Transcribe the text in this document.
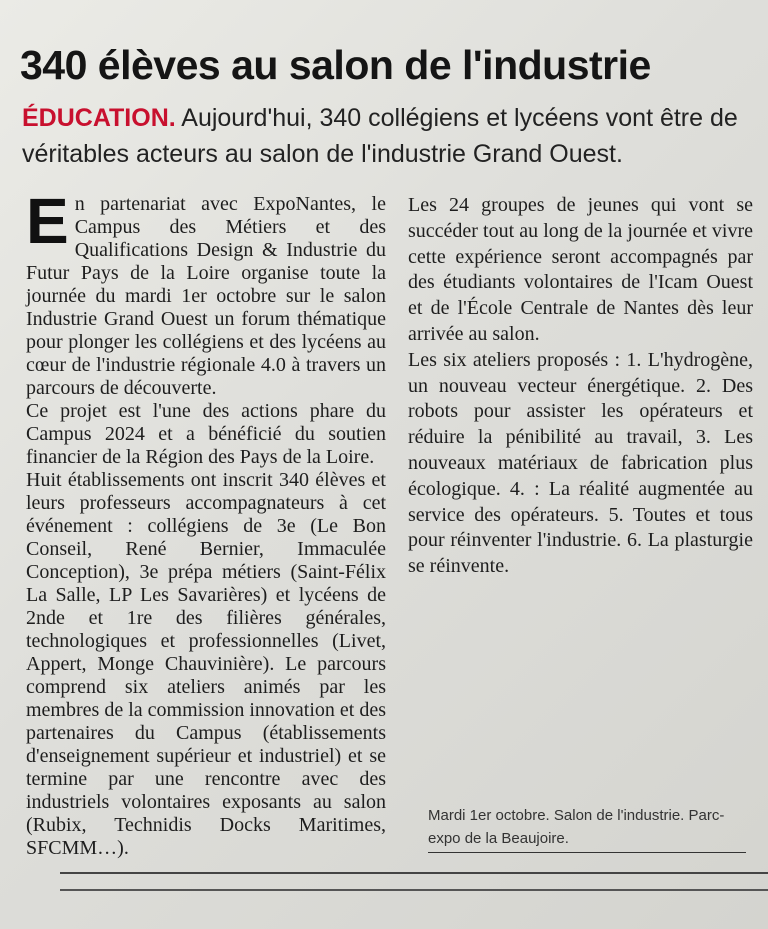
340 élèves au salon de l'industrie
ÉDUCATION. Aujourd'hui, 340 collégiens et lycéens vont être de véritables acteurs au salon de l'industrie Grand Ouest.

En partenariat avec ExpoNantes, le Campus des Métiers et des Qualifications Design & Industrie du Futur Pays de la Loire organise toute la journée du mardi 1er octobre sur le salon Industrie Grand Ouest un forum thématique pour plonger les collégiens et des lycéens au cœur de l'industrie régionale 4.0 à travers un parcours de découverte.

Ce projet est l'une des actions phare du Campus 2024 et a bénéficié du soutien financier de la Région des Pays de la Loire.

Huit établissements ont inscrit 340 élèves et leurs professeurs accompagnateurs à cet événement : collégiens de 3e (Le Bon Conseil, René Bernier, Immaculée Conception), 3e prépa métiers (Saint-Félix La Salle, LP Les Savarières) et lycéens de 2nde et 1re des filières générales, technologiques et professionnelles (Livet, Appert, Monge Chauvinière). Le parcours comprend six ateliers animés par les membres de la commission innovation et des partenaires du Campus (établissements d'enseignement supérieur et industriel) et se termine par une rencontre avec des industriels volontaires exposants au salon (Rubix, Technidis Docks Maritimes, SFCMM…).

Les 24 groupes de jeunes qui vont se succéder tout au long de la journée et vivre cette expérience seront accompagnés par des étudiants volontaires de l'Icam Ouest et de l'École Centrale de Nantes dès leur arrivée au salon.

Les six ateliers proposés : 1. L'hydrogène, un nouveau vecteur énergétique. 2. Des robots pour assister les opérateurs et réduire la pénibilité au travail, 3. Les nouveaux matériaux de fabrication plus écologique. 4. : La réalité augmentée au service des opérateurs. 5. Toutes et tous pour réinventer l'industrie. 6. La plasturgie se réinvente.

Mardi 1er octobre. Salon de l'industrie. Parc-expo de la Beaujoire.
